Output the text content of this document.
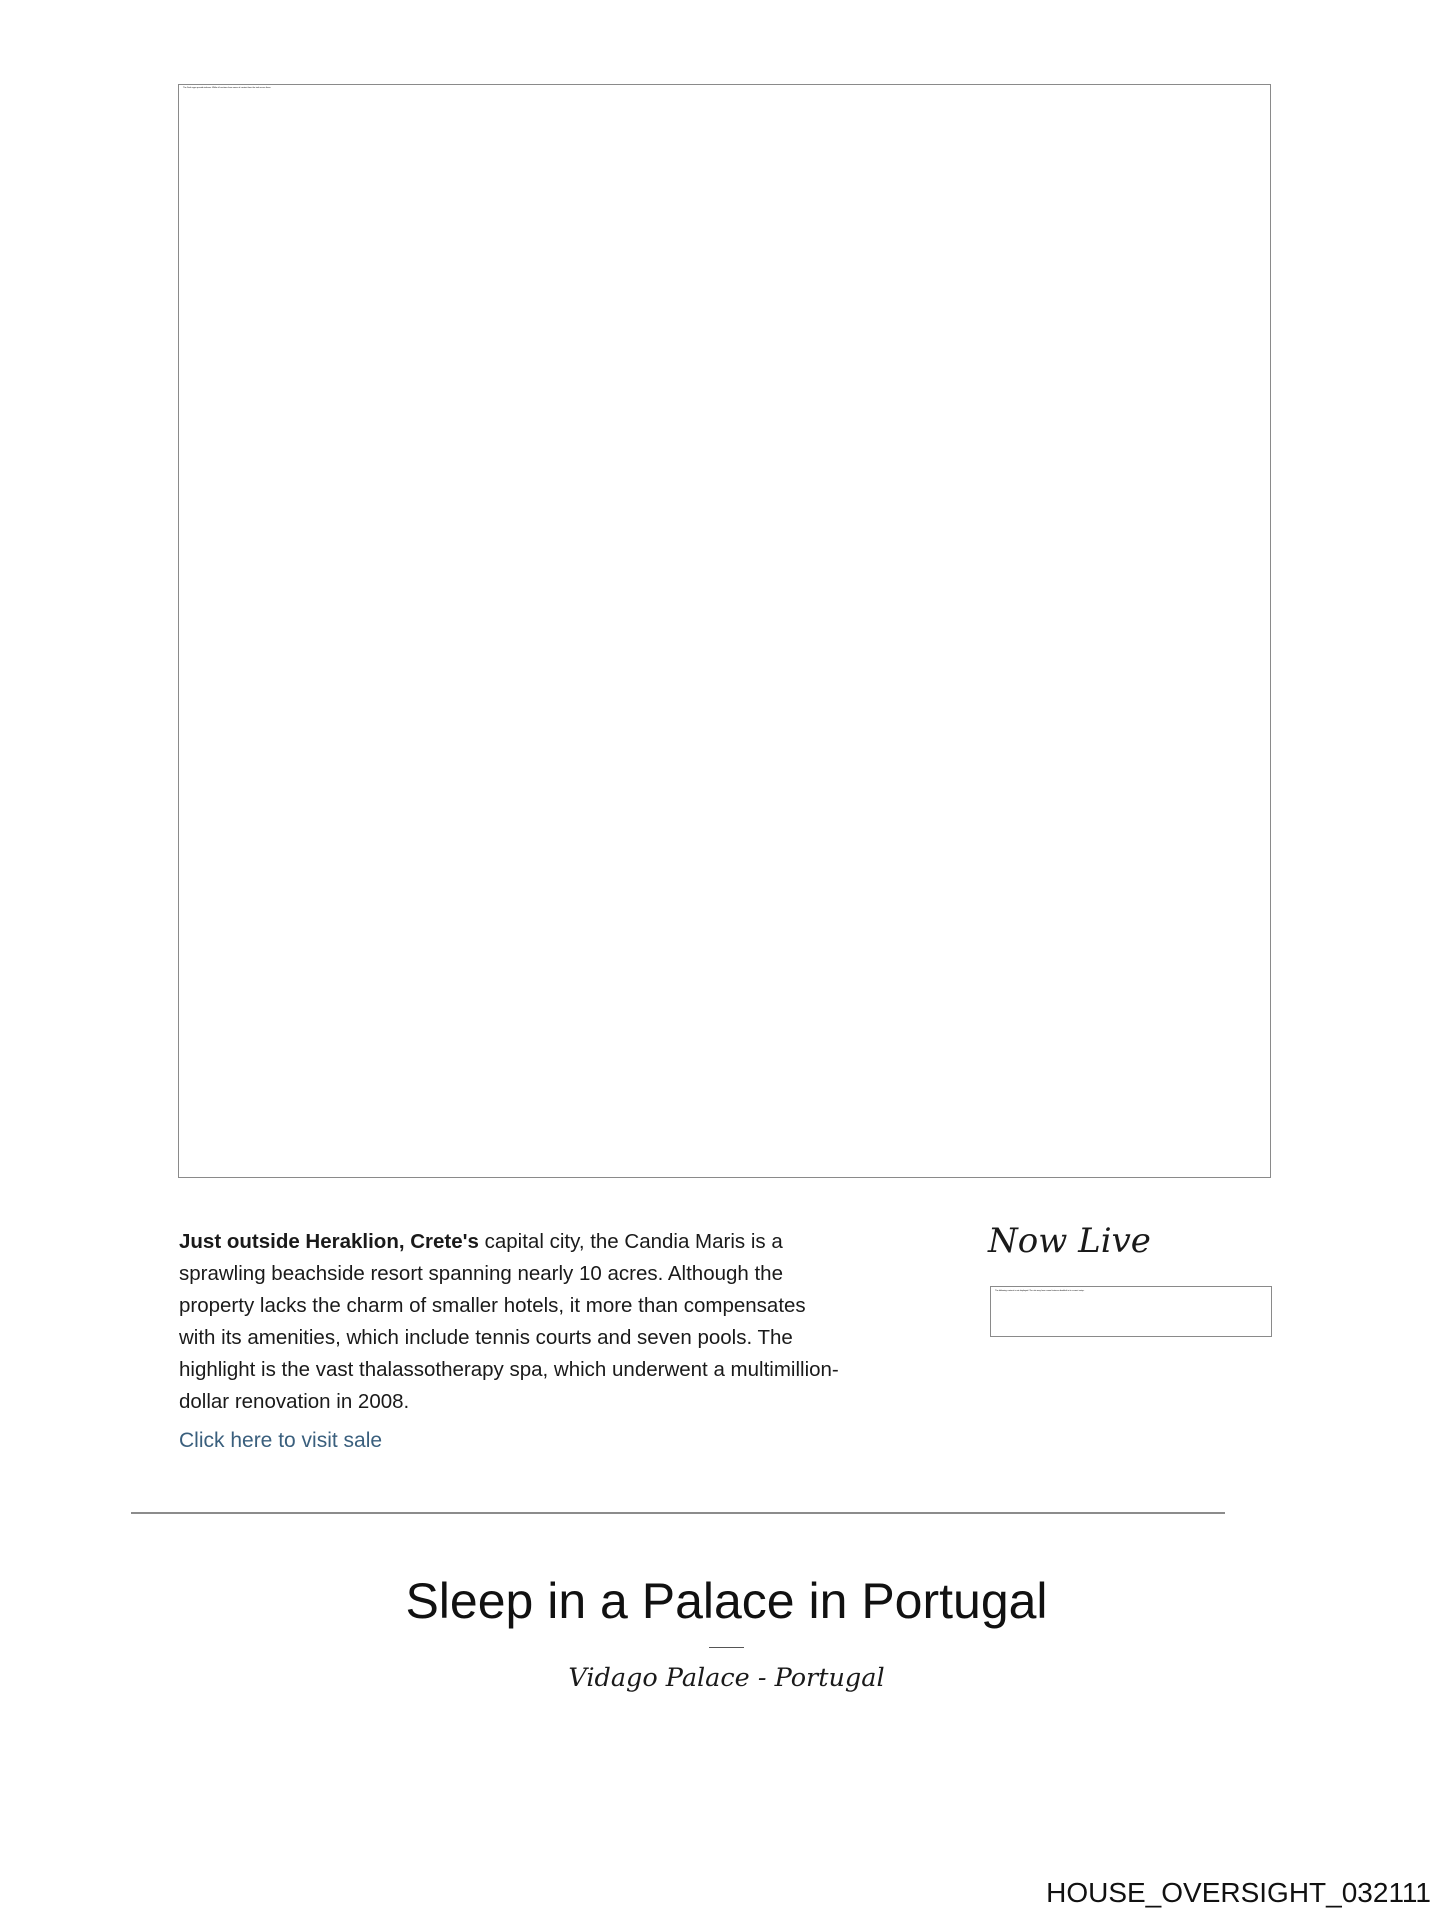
The Desk apps provide indexes. While all sections have some of content from the tool across them.

Just outside Heraklion, Crete's capital city, the Candia Maris is a sprawling beachside resort spanning nearly 10 acres. Although the property lacks the charm of smaller hotels, it more than compensates with its amenities, which include tennis courts and seven pools. The highlight is the vast thalassotherapy spa, which underwent a multimillion-dollar renovation in 2008.

Click here to visit sale
Now Live
The following content is not displayed. The site may have some features disabled in its current setup.
Sleep in a Palace in Portugal
Vidago Palace - Portugal
HOUSE_OVERSIGHT_032111
